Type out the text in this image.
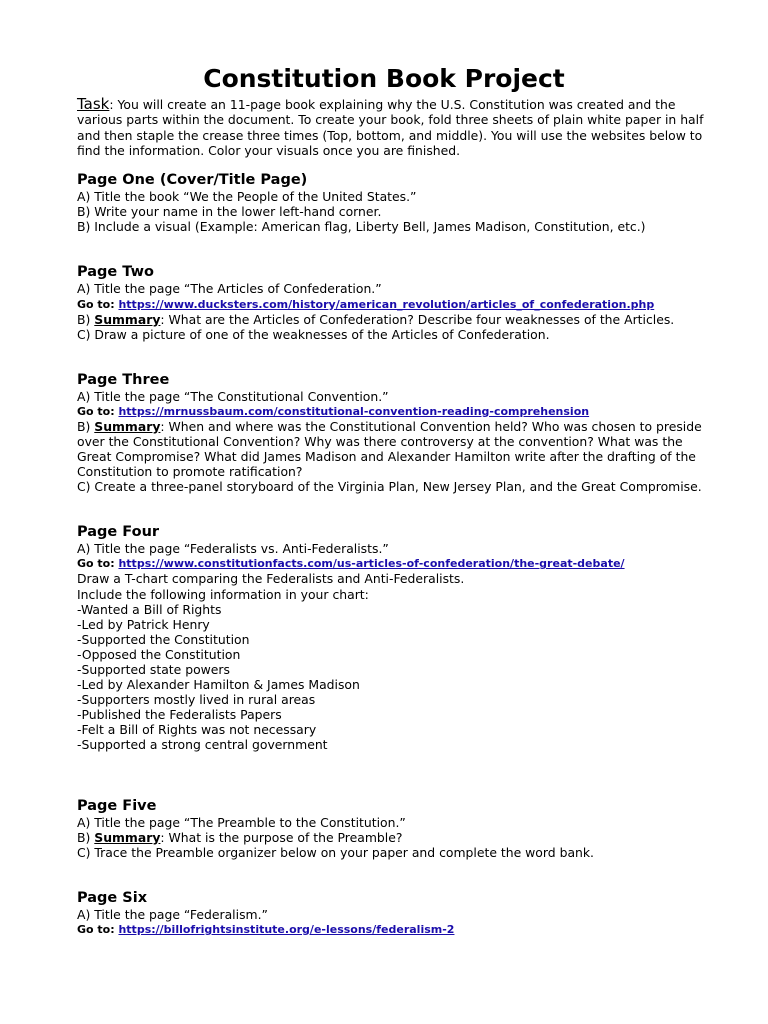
Constitution Book Project
Task: You will create an 11-page book explaining why the U.S. Constitution was created and the various parts within the document. To create your book, fold three sheets of plain white paper in half and then staple the crease three times (Top, bottom, and middle). You will use the websites below to find the information. Color your visuals once you are finished.
Page One (Cover/Title Page)
A) Title the book “We the People of the United States.”
B) Write your name in the lower left-hand corner.
B) Include a visual (Example: American flag, Liberty Bell, James Madison, Constitution, etc.)
Page Two
A) Title the page “The Articles of Confederation.”
Go to: https://www.ducksters.com/history/american_revolution/articles_of_confederation.php
B) Summary: What are the Articles of Confederation? Describe four weaknesses of the Articles.
C) Draw a picture of one of the weaknesses of the Articles of Confederation.
Page Three
A) Title the page “The Constitutional Convention.”
Go to: https://mrnussbaum.com/constitutional-convention-reading-comprehension
B) Summary: When and where was the Constitutional Convention held? Who was chosen to preside over the Constitutional Convention? Why was there controversy at the convention? What was the Great Compromise? What did James Madison and Alexander Hamilton write after the drafting of the Constitution to promote ratification?
C) Create a three-panel storyboard of the Virginia Plan, New Jersey Plan, and the Great Compromise.
Page Four
A) Title the page “Federalists vs. Anti-Federalists.”
Go to: https://www.constitutionfacts.com/us-articles-of-confederation/the-great-debate/
Draw a T-chart comparing the Federalists and Anti-Federalists.
Include the following information in your chart:
-Wanted a Bill of Rights
-Led by Patrick Henry
-Supported the Constitution
-Opposed the Constitution
-Supported state powers
-Led by Alexander Hamilton & James Madison
-Supporters mostly lived in rural areas
-Published the Federalists Papers
-Felt a Bill of Rights was not necessary
-Supported a strong central government
Page Five
A) Title the page “The Preamble to the Constitution.”
B) Summary: What is the purpose of the Preamble?
C) Trace the Preamble organizer below on your paper and complete the word bank.
Page Six
A) Title the page “Federalism.”
Go to: https://billofrightsinstitute.org/e-lessons/federalism-2
